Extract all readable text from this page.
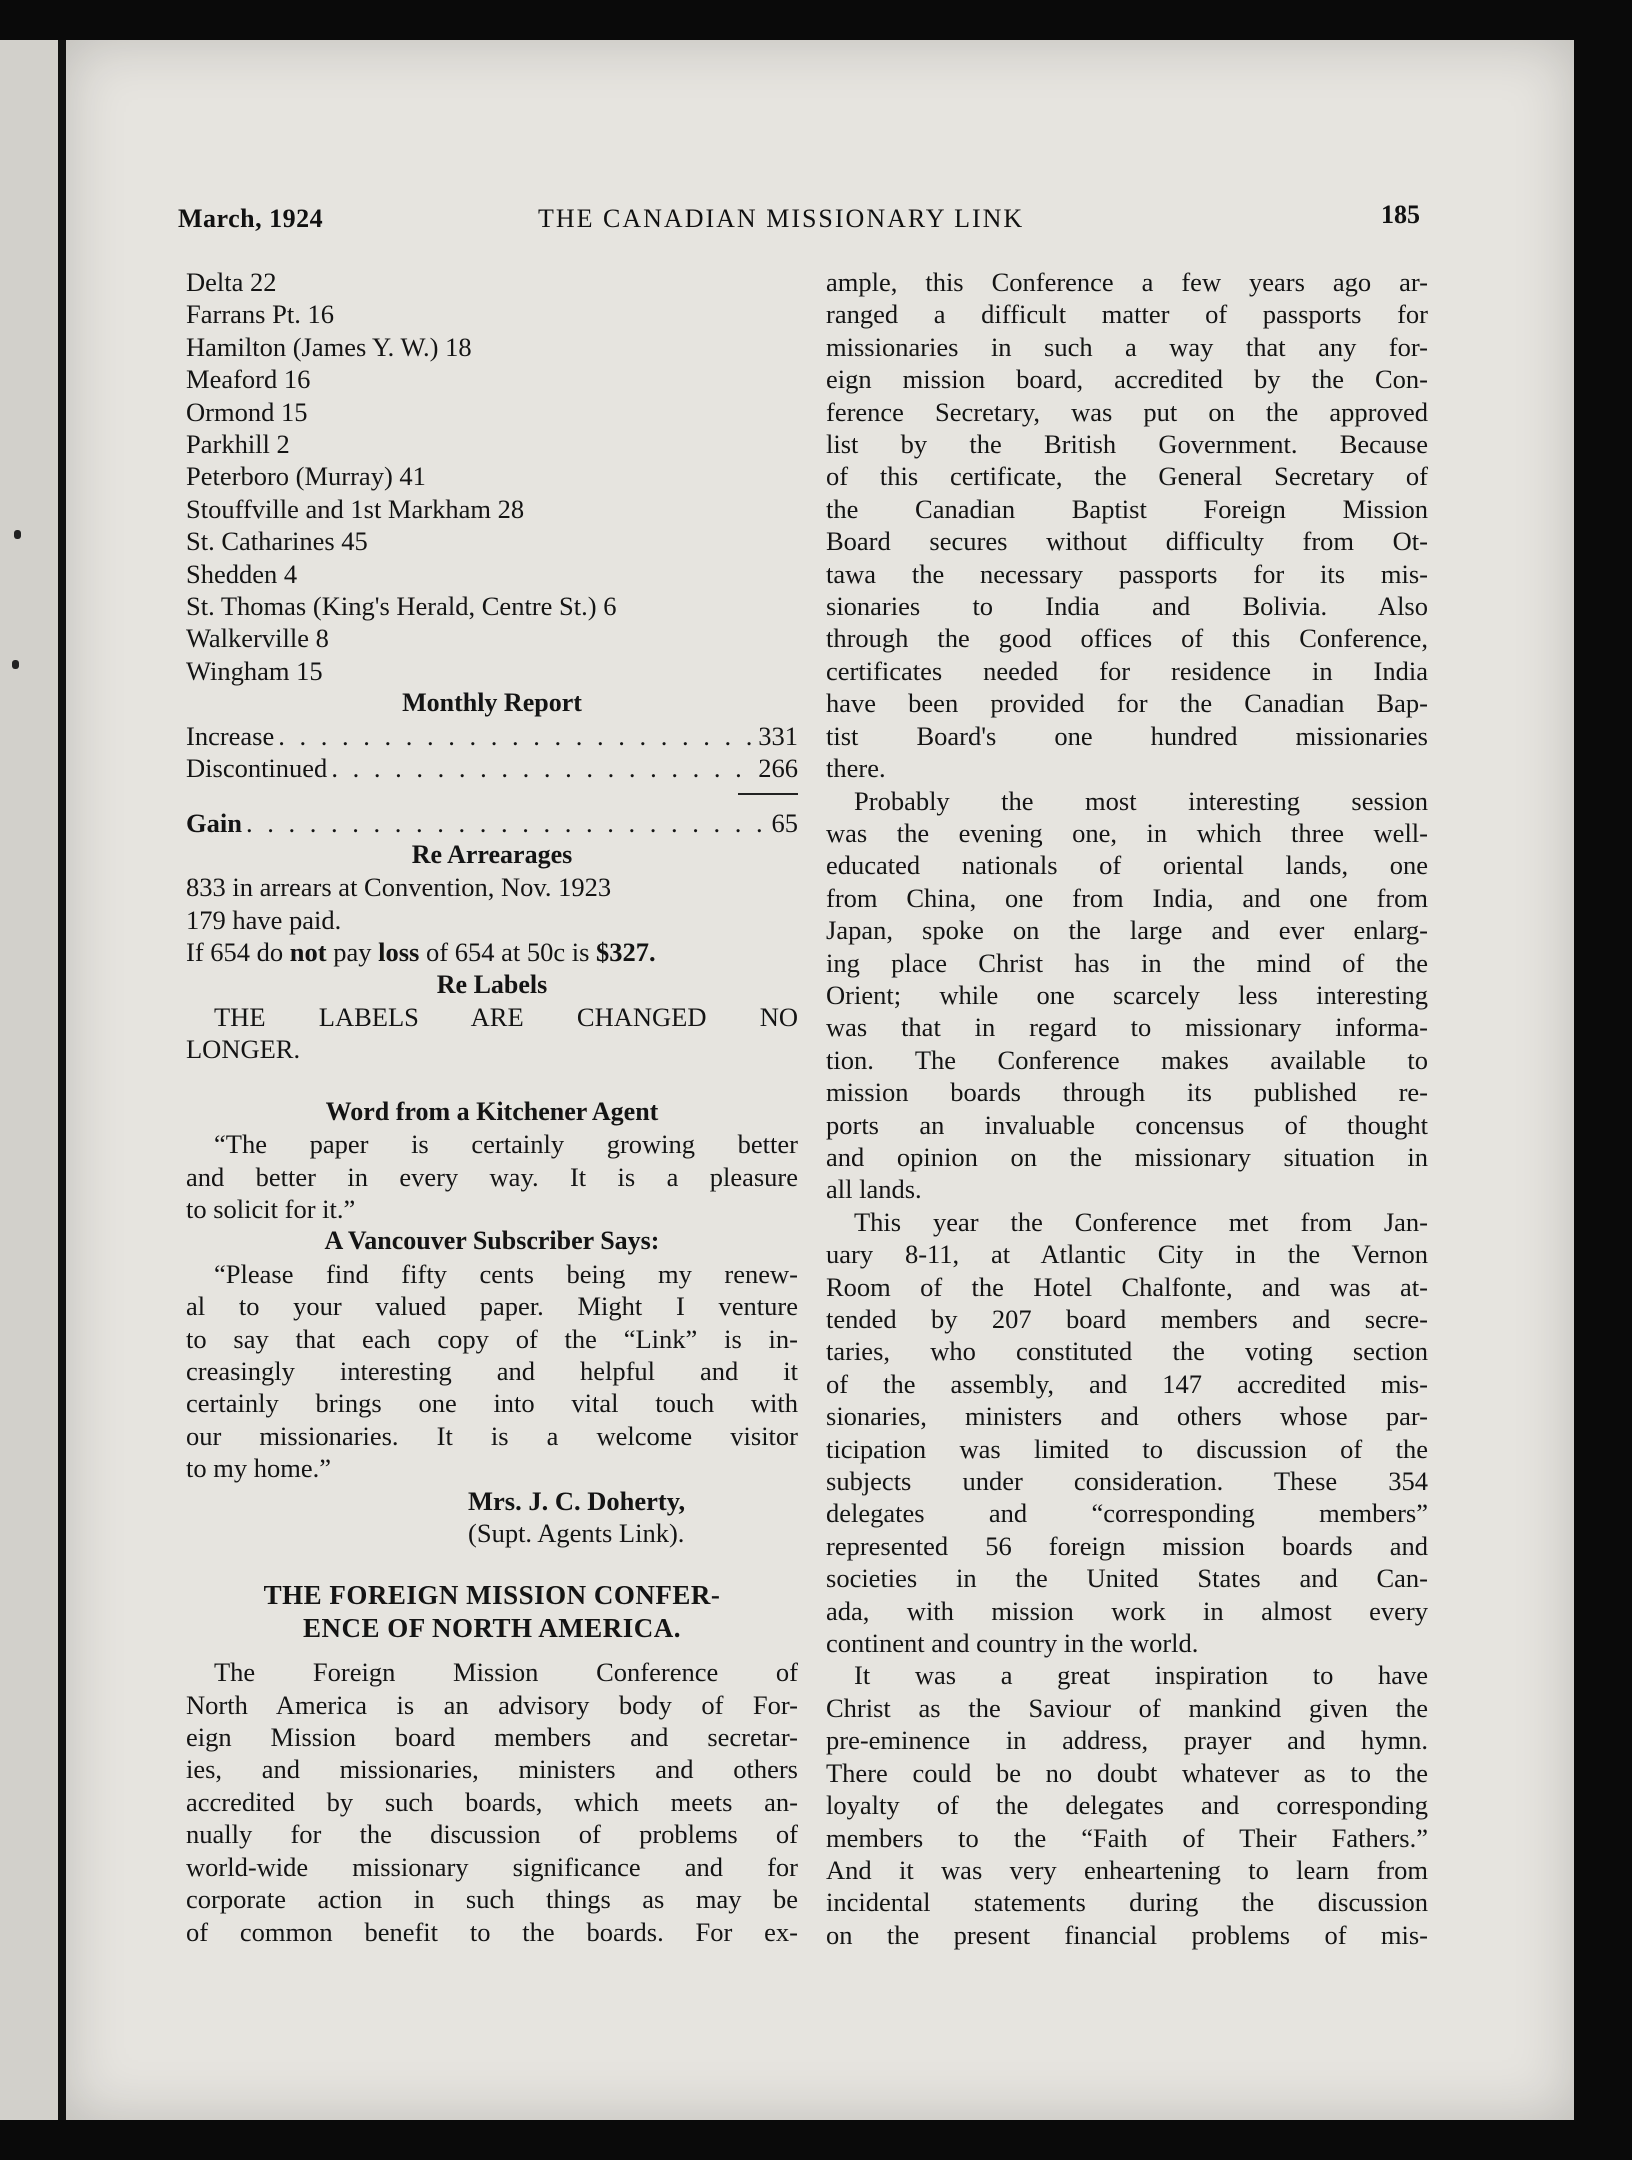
March, 1924	THE CANADIAN MISSIONARY LINK	185
Delta 22
Farrans Pt. 16
Hamilton (James Y. W.) 18
Meaford 16
Ormond 15
Parkhill 2
Peterboro (Murray) 41
Stouffville and 1st Markham 28
St. Catharines 45
Shedden 4
St. Thomas (King's Herald, Centre St.) 6
Walkerville 8
Wingham 15
Monthly Report
Increase . . .	331
Discontinued . . .	266
Gain . . .	65
Re Arrearages
833 in arrears at Convention, Nov. 1923
179 have paid.
If 654 do not pay loss of 654 at 50c is $327.
Re Labels
THE LABELS ARE CHANGED NO
LONGER.
Word from a Kitchener Agent
“The paper is certainly growing better
and better in every way. It is a pleasure
to solicit for it.”
A Vancouver Subscriber Says:
“Please find fifty cents being my renew-
al to your valued paper. Might I venture
to say that each copy of the “Link” is in-
creasingly interesting and helpful and it
certainly brings one into vital touch with
our missionaries. It is a welcome visitor
to my home.”
Mrs. J. C. Doherty,
(Supt. Agents Link).
THE FOREIGN MISSION CONFER-
ENCE OF NORTH AMERICA.
The Foreign Mission Conference of
North America is an advisory body of For-
eign Mission board members and secretar-
ies, and missionaries, ministers and others
accredited by such boards, which meets an-
nually for the discussion of problems of
world-wide missionary significance and for
corporate action in such things as may be
of common benefit to the boards. For ex-
ample, this Conference a few years ago ar-
ranged a difficult matter of passports for
missionaries in such a way that any for-
eign mission board, accredited by the Con-
ference Secretary, was put on the approved
list by the British Government. Because
of this certificate, the General Secretary of
the Canadian Baptist Foreign Mission
Board secures without difficulty from Ot-
tawa the necessary passports for its mis-
sionaries to India and Bolivia. Also
through the good offices of this Conference,
certificates needed for residence in India
have been provided for the Canadian Bap-
tist Board's one hundred missionaries
there.
Probably the most interesting session
was the evening one, in which three well-
educated nationals of oriental lands, one
from China, one from India, and one from
Japan, spoke on the large and ever enlarg-
ing place Christ has in the mind of the
Orient; while one scarcely less interesting
was that in regard to missionary informa-
tion. The Conference makes available to
mission boards through its published re-
ports an invaluable concensus of thought
and opinion on the missionary situation in
all lands.
This year the Conference met from Jan-
uary 8-11, at Atlantic City in the Vernon
Room of the Hotel Chalfonte, and was at-
tended by 207 board members and secre-
taries, who constituted the voting section
of the assembly, and 147 accredited mis-
sionaries, ministers and others whose par-
ticipation was limited to discussion of the
subjects under consideration. These 354
delegates and “corresponding members”
represented 56 foreign mission boards and
societies in the United States and Can-
ada, with mission work in almost every
continent and country in the world.
It was a great inspiration to have
Christ as the Saviour of mankind given the
pre-eminence in address, prayer and hymn.
There could be no doubt whatever as to the
loyalty of the delegates and corresponding
members to the “Faith of Their Fathers.”
And it was very enheartening to learn from
incidental statements during the discussion
on the present financial problems of mis-
